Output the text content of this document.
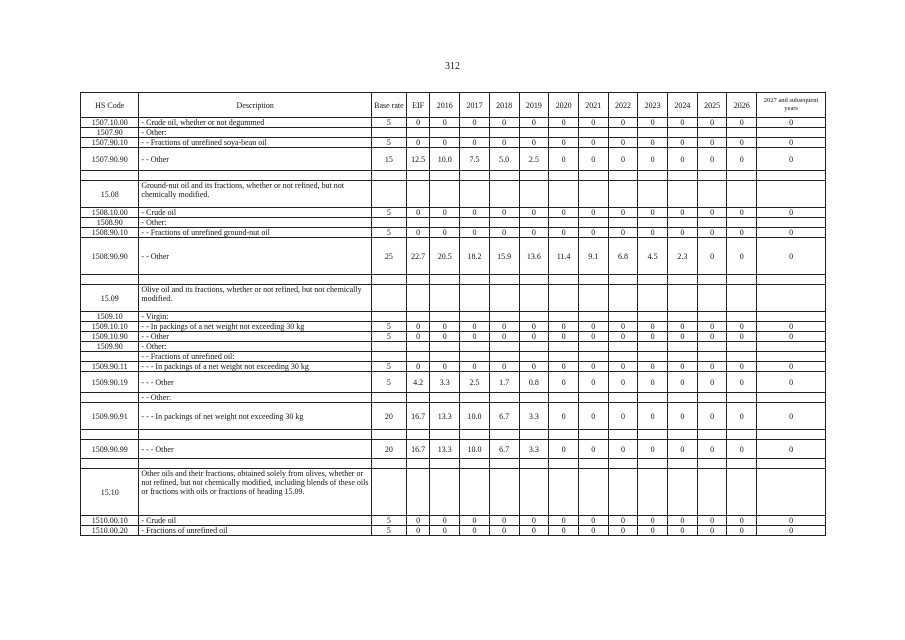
312
HS Code	Description	Base rate	EIF	2016	2017	2018	2019	2020	2021	2022	2023	2024	2025	2026	2027 and subsequent years
1507.10.00	- Crude oil, whether or not degummed	5	0	0	0	0	0	0	0	0	0	0	0	0	0
1507.90	- Other:														
1507.90.10	- - Fractions of unrefined soya-bean oil	5	0	0	0	0	0	0	0	0	0	0	0	0	0
1507.90.90	- - Other	15	12.5	10.0	7.5	5.0	2.5	0	0	0	0	0	0	0	0

15.08	Ground-nut oil and its fractions, whether or not refined, but not chemically modified.														
1508.10.00	- Crude oil	5	0	0	0	0	0	0	0	0	0	0	0	0	0
1508.90	- Other:														
1508.90.10	- - Fractions of unrefined ground-nut oil	5	0	0	0	0	0	0	0	0	0	0	0	0	0
1508.90.90	- - Other	25	22.7	20.5	18.2	15.9	13.6	11.4	9.1	6.8	4.5	2.3	0	0	0

15.09	Olive oil and its fractions, whether or not refined, but not chemically modified.														
1509.10	- Virgin:														
1509.10.10	- - In packings of a net weight not exceeding 30 kg	5	0	0	0	0	0	0	0	0	0	0	0	0	0
1509.10.90	- - Other	5	0	0	0	0	0	0	0	0	0	0	0	0	0
1509.90	- Other:														
	- - Fractions of unrefined oil:														
1509.90.11	- - - In packings of a net weight not exceeding 30 kg	5	0	0	0	0	0	0	0	0	0	0	0	0	0
1509.90.19	- - - Other	5	4.2	3.3	2.5	1.7	0.8	0	0	0	0	0	0	0	0
	- - Other:														
1509.90.91	- - - In packings of net weight not exceeding 30 kg	20	16.7	13.3	10.0	6.7	3.3	0	0	0	0	0	0	0	0

1509.90.99	- - - Other	20	16.7	13.3	10.0	6.7	3.3	0	0	0	0	0	0	0	0

15.10	Other oils and their fractions, obtained solely from olives, whether or not refined, but not chemically modified, including blends of these oils or fractions with oils or fractions of heading 15.09.														
1510.00.10	- Crude oil	5	0	0	0	0	0	0	0	0	0	0	0	0	0
1510.00.20	- Fractions of unrefined oil	5	0	0	0	0	0	0	0	0	0	0	0	0	0
